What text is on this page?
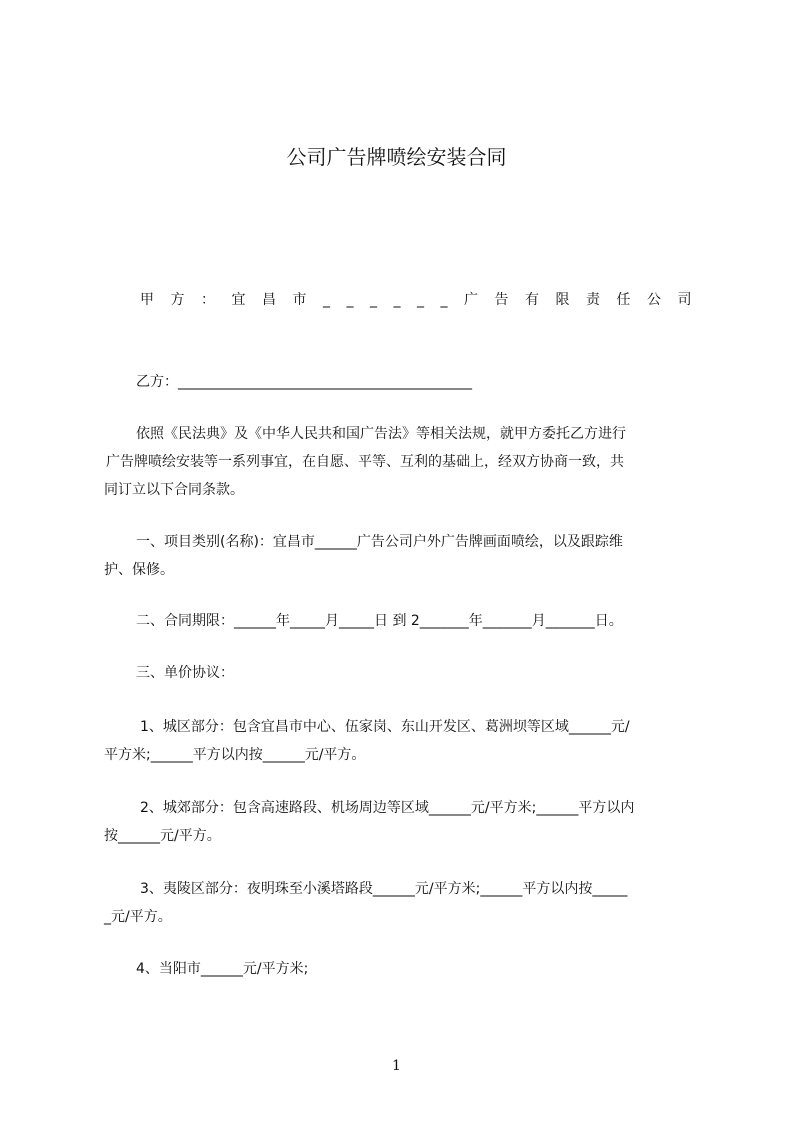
公司广告牌喷绘安装合同
甲方：宜昌市______广告有限责任公司
乙方：__________________________________________
依照《民法典》及《中华人民共和国广告法》等相关法规，就甲方委托乙方进行
广告牌喷绘安装等一系列事宜，在自愿、平等、互利的基础上，经双方协商一致，共
同订立以下合同条款。
一、项目类别(名称)：宜昌市______广告公司户外广告牌画面喷绘，以及跟踪维
护、保修。
二、合同期限：______年_____月_____日 到 2_______年_______月_______日。
三、单价协议：
1、城区部分：包含宜昌市中心、伍家岗、东山开发区、葛洲坝等区域______元/
平方米;______平方以内按______元/平方。
2、城郊部分：包含高速路段、机场周边等区域______元/平方米;______平方以内
按______元/平方。
3、夷陵区部分：夜明珠至小溪塔路段______元/平方米;______平方以内按_____
_元/平方。
4、当阳市______元/平方米;
1
